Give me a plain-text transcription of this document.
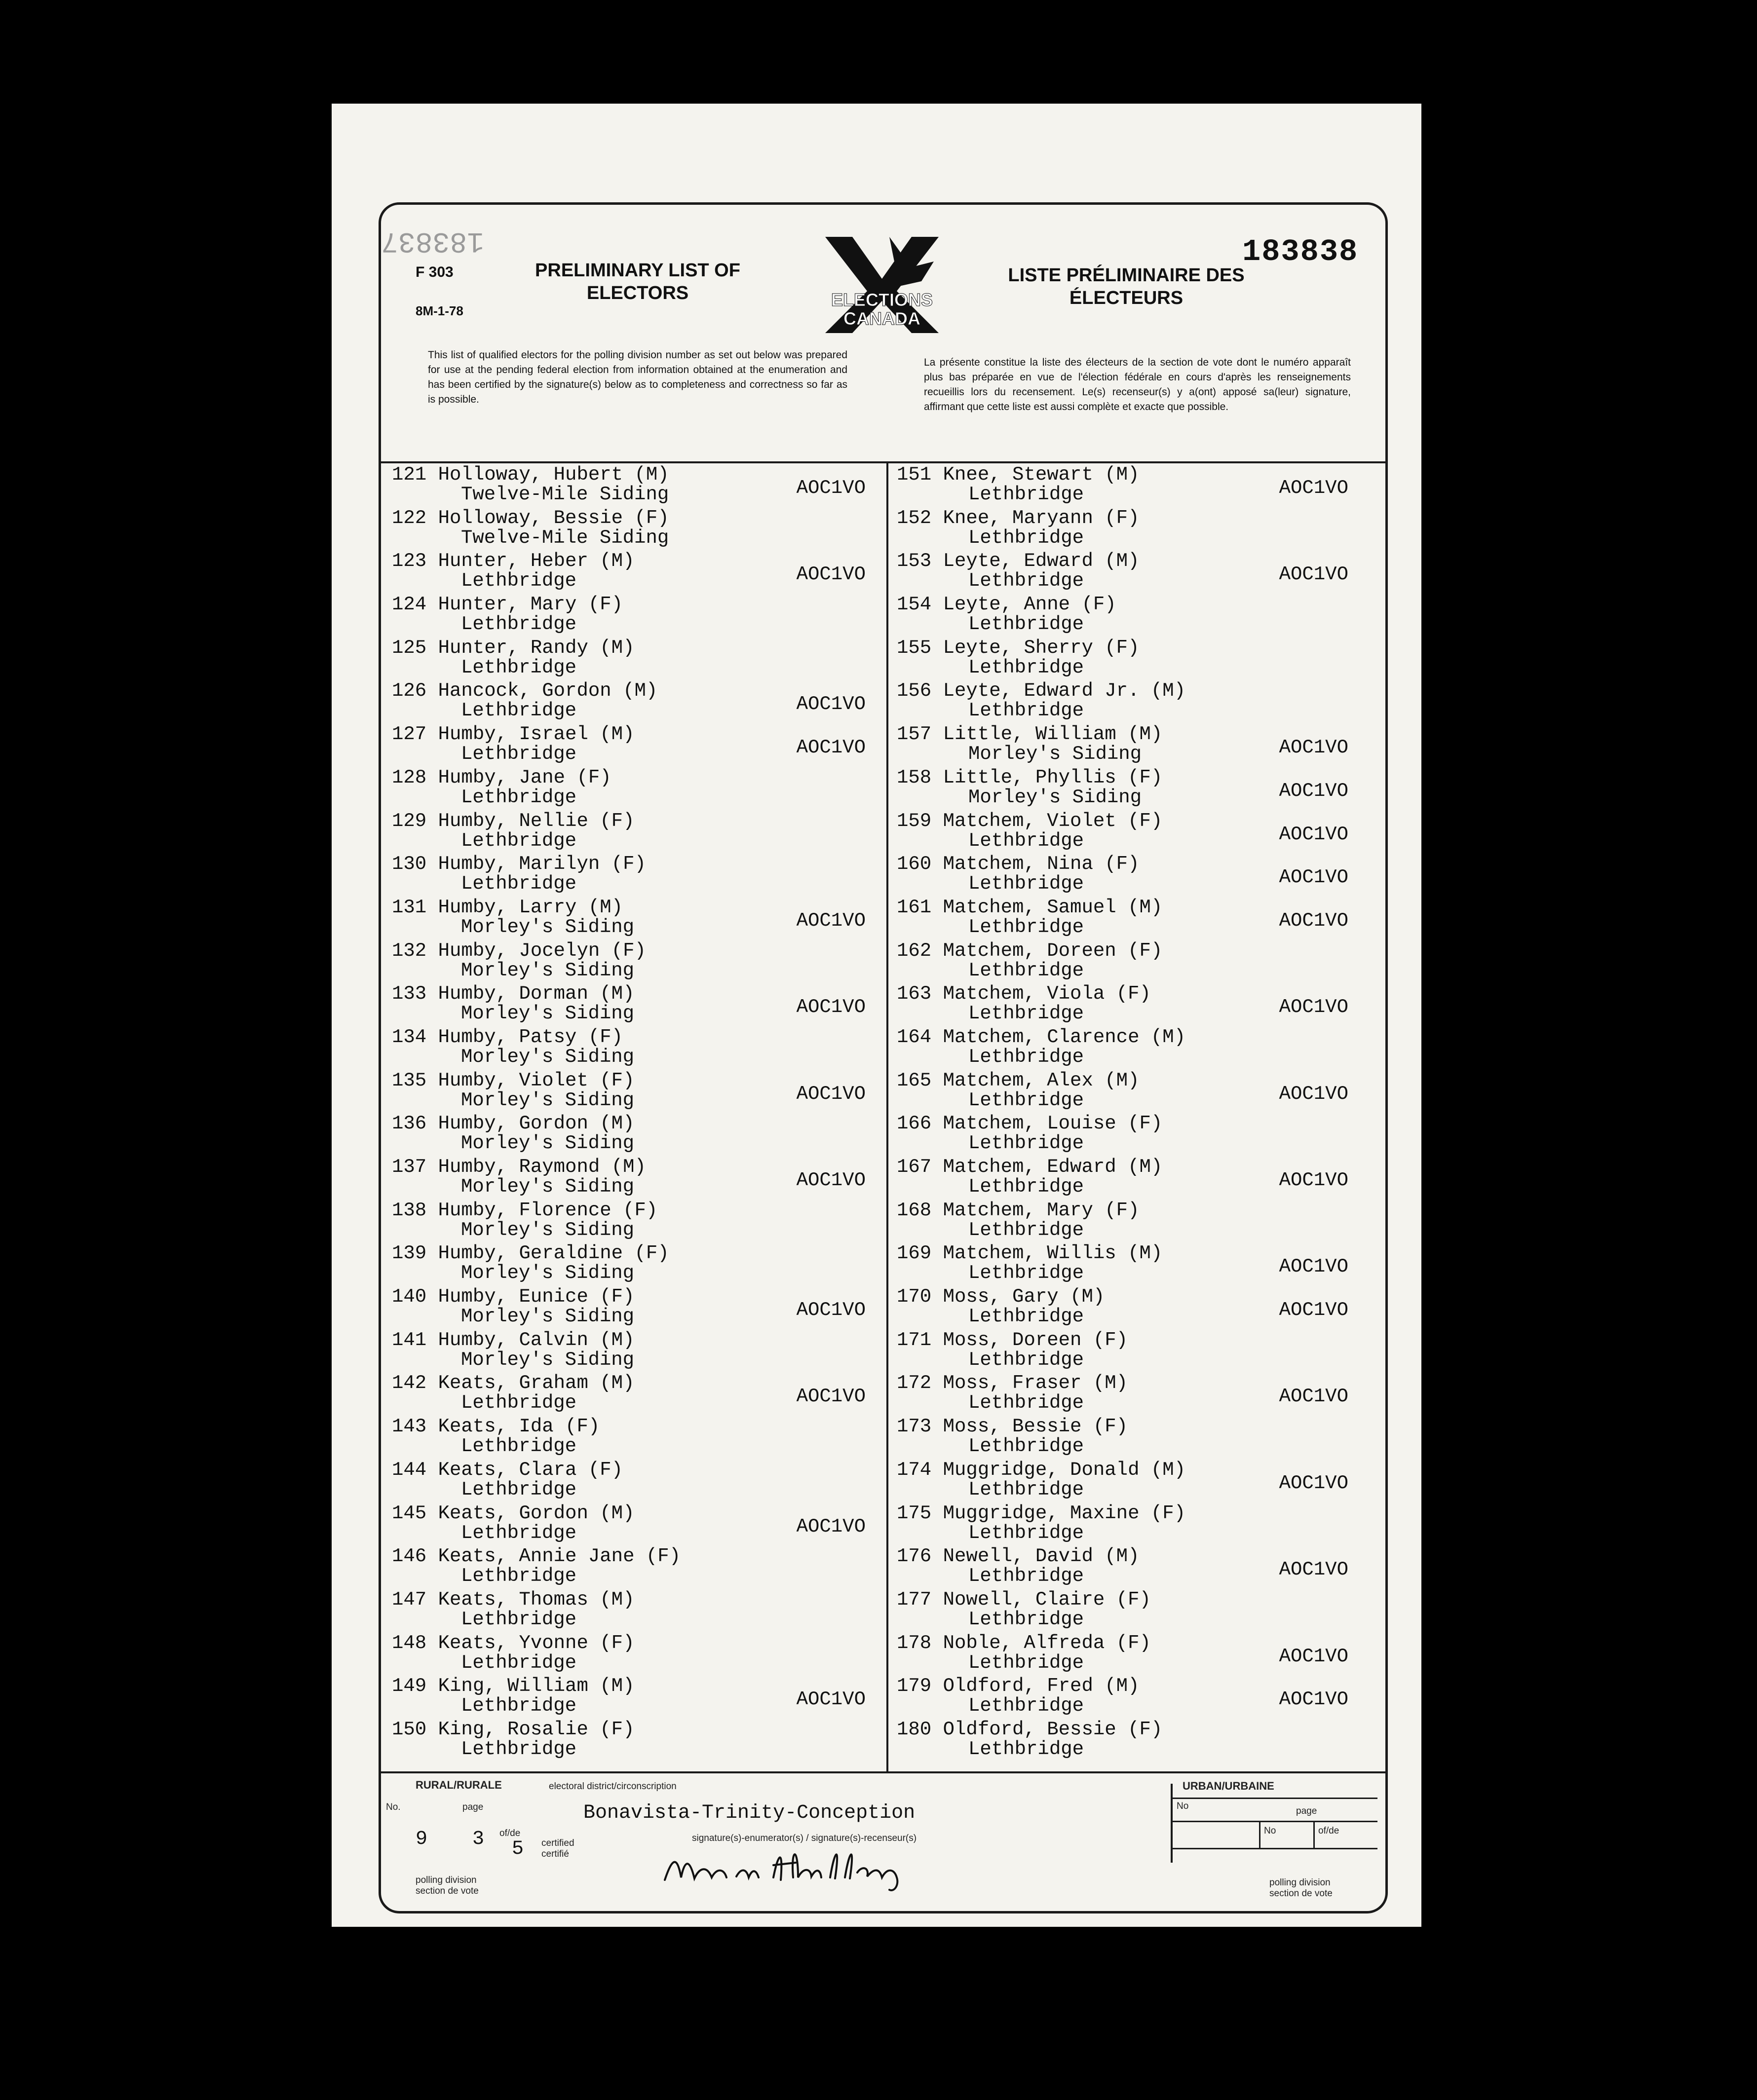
183837
F 303
8M-1-78
PRELIMINARY LIST OF ELECTORS	ELECTIONS
CANADA
LISTE PRÉLIMINAIRE DES ÉLECTEURS
183838
This list of qualified electors for the polling division number as set out below was prepared for use at the pending federal election from information obtained at the enumeration and has been certified by the signature(s) below as to completeness and correctness so far as is possible.
La présente constitue la liste des électeurs de la section de vote dont le numéro apparaît plus bas préparée en vue de l'élection fédérale en cours d'après les renseignements recueillis lors du recensement. Le(s) recenseur(s) y a(ont) apposé sa(leur) signature, affirmant que cette liste est aussi complète et exacte que possible.
121 Holloway, Hubert (M)
Twelve-Mile Siding	AOC1VO
122 Holloway, Bessie (F)
Twelve-Mile Siding
123 Hunter, Heber (M)
Lethbridge	AOC1VO
124 Hunter, Mary (F)
Lethbridge
125 Hunter, Randy (M)
Lethbridge
126 Hancock, Gordon (M)
Lethbridge	AOC1VO
127 Humby, Israel (M)
Lethbridge	AOC1VO
128 Humby, Jane (F)
Lethbridge
129 Humby, Nellie (F)
Lethbridge
130 Humby, Marilyn (F)
Lethbridge
131 Humby, Larry (M)
Morley's Siding	AOC1VO
132 Humby, Jocelyn (F)
Morley's Siding
133 Humby, Dorman (M)
Morley's Siding	AOC1VO
134 Humby, Patsy (F)
Morley's Siding
135 Humby, Violet (F)
Morley's Siding	AOC1VO
136 Humby, Gordon (M)
Morley's Siding
137 Humby, Raymond (M)
Morley's Siding	AOC1VO
138 Humby, Florence (F)
Morley's Siding
139 Humby, Geraldine (F)
Morley's Siding
140 Humby, Eunice (F)
Morley's Siding	AOC1VO
141 Humby, Calvin (M)
Morley's Siding
142 Keats, Graham (M)
Lethbridge	AOC1VO
143 Keats, Ida (F)
Lethbridge
144 Keats, Clara (F)
Lethbridge
145 Keats, Gordon (M)
Lethbridge	AOC1VO
146 Keats, Annie Jane (F)
Lethbridge
147 Keats, Thomas (M)
Lethbridge
148 Keats, Yvonne (F)
Lethbridge
149 King, William (M)
Lethbridge	AOC1VO
150 King, Rosalie (F)
Lethbridge
151 Knee, Stewart (M)
Lethbridge	AOC1VO
152 Knee, Maryann (F)
Lethbridge
153 Leyte, Edward (M)
Lethbridge	AOC1VO
154 Leyte, Anne (F)
Lethbridge
155 Leyte, Sherry (F)
Lethbridge
156 Leyte, Edward Jr. (M)
Lethbridge
157 Little, William (M)
Morley's Siding	AOC1VO
158 Little, Phyllis (F)
Morley's Siding	AOC1VO
159 Matchem, Violet (F)
Lethbridge	AOC1VO
160 Matchem, Nina (F)
Lethbridge	AOC1VO
161 Matchem, Samuel (M)
Lethbridge	AOC1VO
162 Matchem, Doreen (F)
Lethbridge
163 Matchem, Viola (F)
Lethbridge	AOC1VO
164 Matchem, Clarence (M)
Lethbridge
165 Matchem, Alex (M)
Lethbridge	AOC1VO
166 Matchem, Louise (F)
Lethbridge
167 Matchem, Edward (M)
Lethbridge	AOC1VO
168 Matchem, Mary (F)
Lethbridge
169 Matchem, Willis (M)
Lethbridge	AOC1VO
170 Moss, Gary (M)
Lethbridge	AOC1VO
171 Moss, Doreen (F)
Lethbridge
172 Moss, Fraser (M)
Lethbridge	AOC1VO
173 Moss, Bessie (F)
Lethbridge
174 Muggridge, Donald (M)
Lethbridge	AOC1VO
175 Muggridge, Maxine (F)
Lethbridge
176 Newell, David (M)
Lethbridge	AOC1VO
177 Nowell, Claire (F)
Lethbridge
178 Noble, Alfreda (F)
Lethbridge	AOC1VO
179 Oldford, Fred (M)
Lethbridge	AOC1VO
180 Oldford, Bessie (F)
Lethbridge
RURAL/RURALE	electoral district/circonscription
No.	page	Bonavista-Trinity-Conception
9 3 of/de
5 certified certifié
polling division section de vote
signature(s)-enumerator(s) / signature(s)-recenseur(s)
URBAN/URBAINE
No	page
No	of/de
polling division section de vote
